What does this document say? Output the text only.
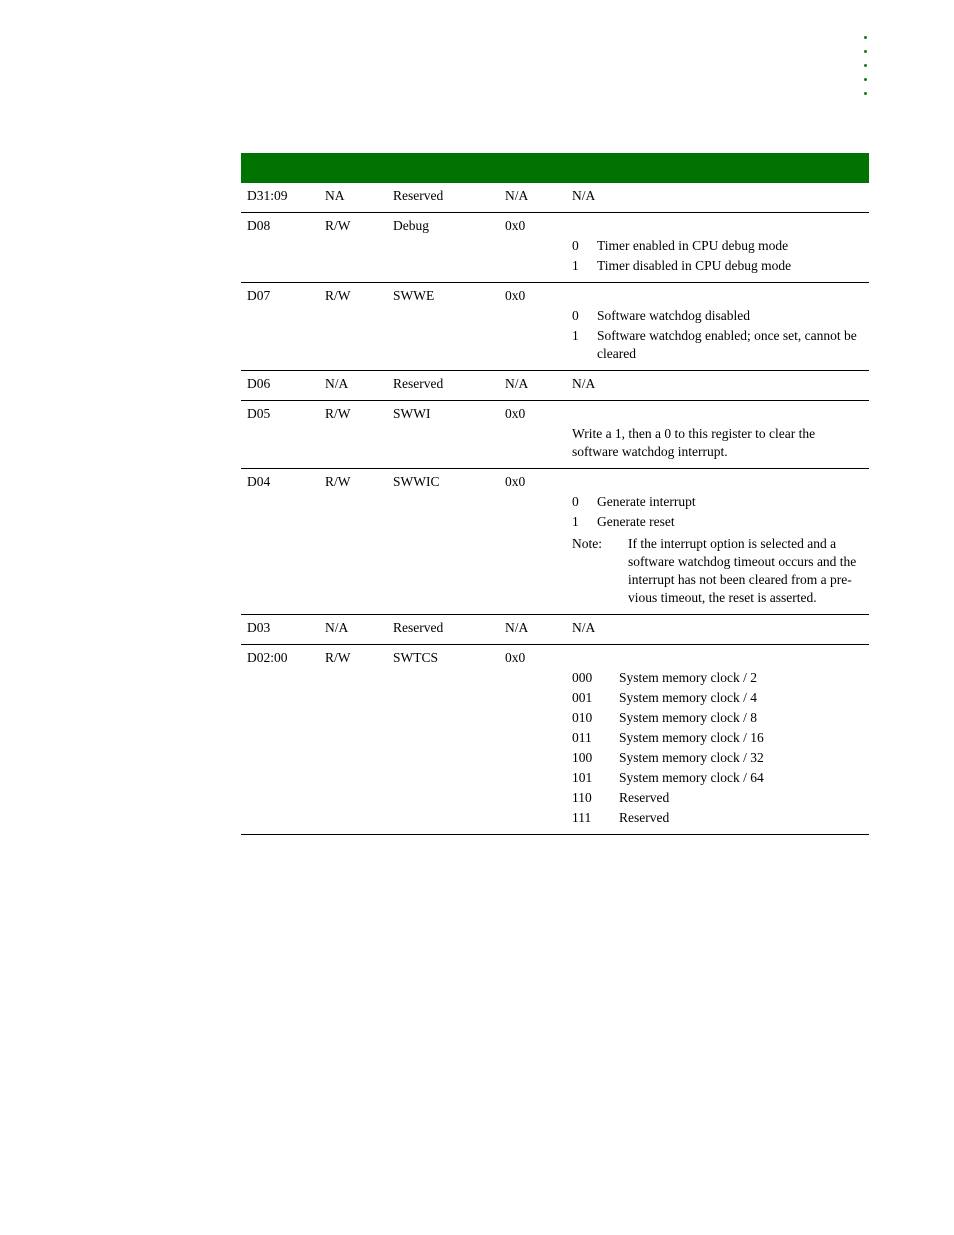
D31:09	NA	Reserved	N/A	N/A
D08	R/W	Debug	0x0
0 Timer enabled in CPU debug mode
1 Timer disabled in CPU debug mode
D07	R/W	SWWE	0x0
0 Software watchdog disabled
1 Software watchdog enabled; once set, cannot be cleared
D06	N/A	Reserved	N/A	N/A
D05	R/W	SWWI	0x0
Write a 1, then a 0 to this register to clear the software watchdog interrupt.
D04	R/W	SWWIC	0x0
0 Generate interrupt
1 Generate reset
Note: If the interrupt option is selected and a software watchdog timeout occurs and the interrupt has not been cleared from a pre-vious timeout, the reset is asserted.
D03	N/A	Reserved	N/A	N/A
D02:00	R/W	SWTCS	0x0
000 System memory clock / 2
001 System memory clock / 4
010 System memory clock / 8
011 System memory clock / 16
100 System memory clock / 32
101 System memory clock / 64
110 Reserved
111 Reserved
